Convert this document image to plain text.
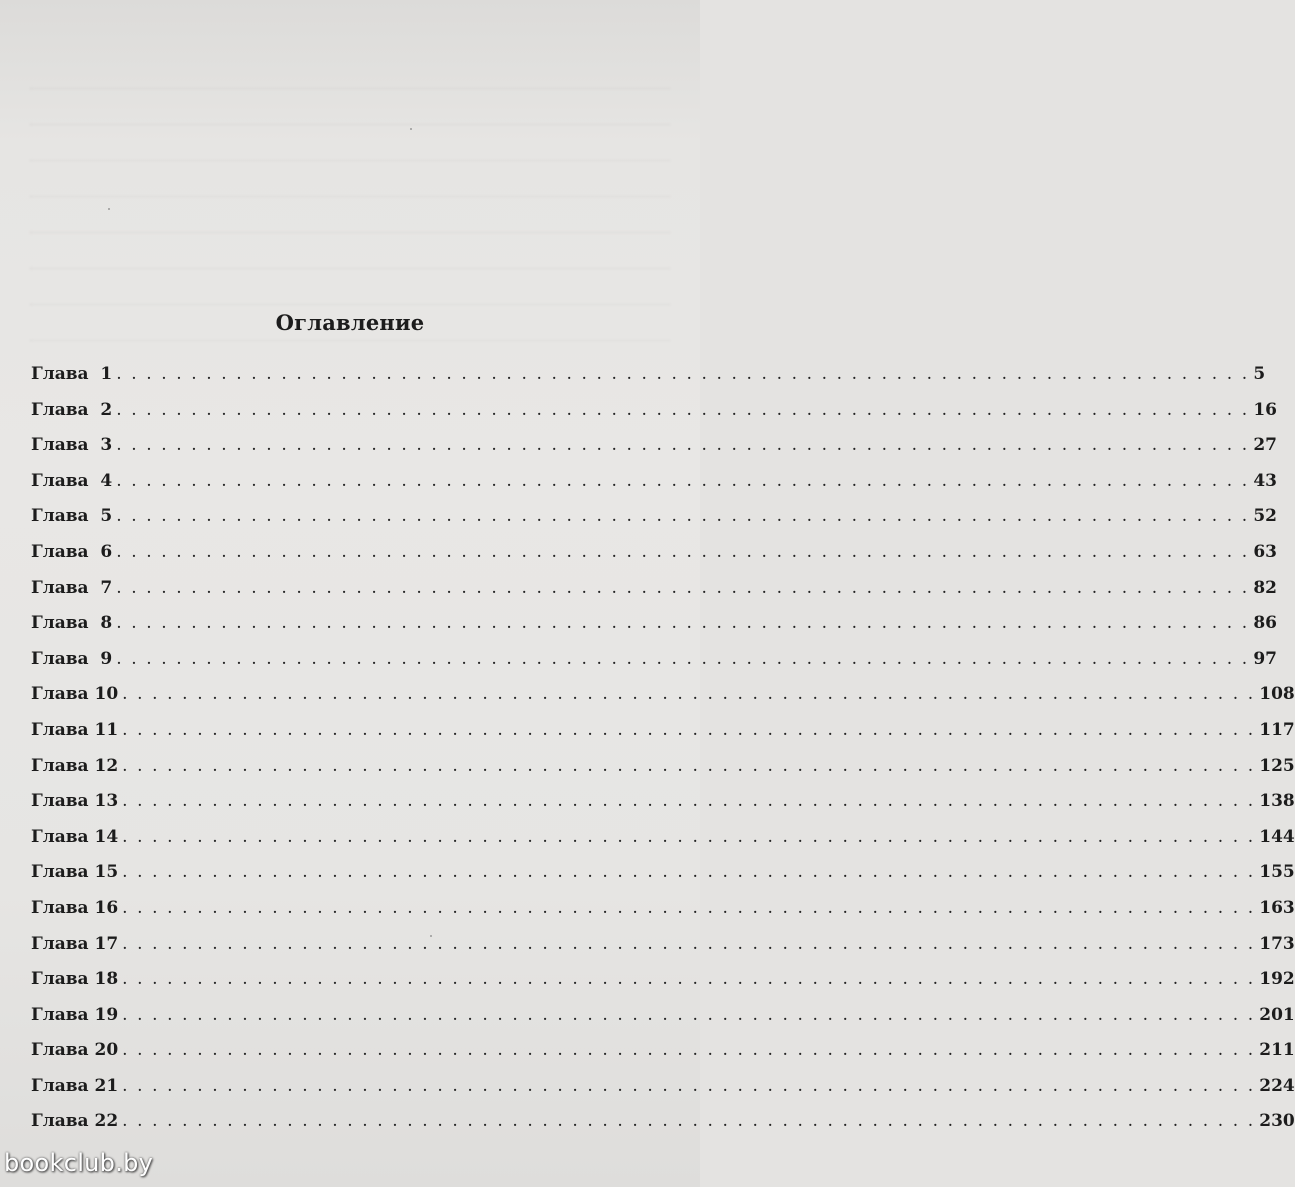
Оглавление
Глава  1 . . . . . . . . . . . . . . . . . . . . . . . . . . . . . . . . . . . . . . . . . . . . . . . . . . . . . . . . . . . . . . . . . . . . . . . . . . . . 5
Глава  2 . . . . . . . . . . . . . . . . . . . . . . . . . . . . . . . . . . . . . . . . . . . . . . . . . . . . . . . . . . . . . . . . . . . . . . . . . . . . 16
Глава  3 . . . . . . . . . . . . . . . . . . . . . . . . . . . . . . . . . . . . . . . . . . . . . . . . . . . . . . . . . . . . . . . . . . . . . . . . . . . . 27
Глава  4 . . . . . . . . . . . . . . . . . . . . . . . . . . . . . . . . . . . . . . . . . . . . . . . . . . . . . . . . . . . . . . . . . . . . . . . . . . . . 43
Глава  5 . . . . . . . . . . . . . . . . . . . . . . . . . . . . . . . . . . . . . . . . . . . . . . . . . . . . . . . . . . . . . . . . . . . . . . . . . . . . 52
Глава  6 . . . . . . . . . . . . . . . . . . . . . . . . . . . . . . . . . . . . . . . . . . . . . . . . . . . . . . . . . . . . . . . . . . . . . . . . . . . . 63
Глава  7 . . . . . . . . . . . . . . . . . . . . . . . . . . . . . . . . . . . . . . . . . . . . . . . . . . . . . . . . . . . . . . . . . . . . . . . . . . . . 82
Глава  8 . . . . . . . . . . . . . . . . . . . . . . . . . . . . . . . . . . . . . . . . . . . . . . . . . . . . . . . . . . . . . . . . . . . . . . . . . . . . 86
Глава  9 . . . . . . . . . . . . . . . . . . . . . . . . . . . . . . . . . . . . . . . . . . . . . . . . . . . . . . . . . . . . . . . . . . . . . . . . . . . . 97
Глава 10 . . . . . . . . . . . . . . . . . . . . . . . . . . . . . . . . . . . . . . . . . . . . . . . . . . . . . . . . . . . . . . . . . . . . . . . . . . . . 108
Глава 11 . . . . . . . . . . . . . . . . . . . . . . . . . . . . . . . . . . . . . . . . . . . . . . . . . . . . . . . . . . . . . . . . . . . . . . . . . . . . 117
Глава 12 . . . . . . . . . . . . . . . . . . . . . . . . . . . . . . . . . . . . . . . . . . . . . . . . . . . . . . . . . . . . . . . . . . . . . . . . . . . . 125
Глава 13 . . . . . . . . . . . . . . . . . . . . . . . . . . . . . . . . . . . . . . . . . . . . . . . . . . . . . . . . . . . . . . . . . . . . . . . . . . . . 138
Глава 14 . . . . . . . . . . . . . . . . . . . . . . . . . . . . . . . . . . . . . . . . . . . . . . . . . . . . . . . . . . . . . . . . . . . . . . . . . . . . 144
Глава 15 . . . . . . . . . . . . . . . . . . . . . . . . . . . . . . . . . . . . . . . . . . . . . . . . . . . . . . . . . . . . . . . . . . . . . . . . . . . . 155
Глава 16 . . . . . . . . . . . . . . . . . . . . . . . . . . . . . . . . . . . . . . . . . . . . . . . . . . . . . . . . . . . . . . . . . . . . . . . . . . . . 163
Глава 17 . . . . . . . . . . . . . . . . . . . . . . . . . . . . . . . . . . . . . . . . . . . . . . . . . . . . . . . . . . . . . . . . . . . . . . . . . . . . 173
Глава 18 . . . . . . . . . . . . . . . . . . . . . . . . . . . . . . . . . . . . . . . . . . . . . . . . . . . . . . . . . . . . . . . . . . . . . . . . . . . . 192
Глава 19 . . . . . . . . . . . . . . . . . . . . . . . . . . . . . . . . . . . . . . . . . . . . . . . . . . . . . . . . . . . . . . . . . . . . . . . . . . . . 201
Глава 20 . . . . . . . . . . . . . . . . . . . . . . . . . . . . . . . . . . . . . . . . . . . . . . . . . . . . . . . . . . . . . . . . . . . . . . . . . . . . 211
Глава 21 . . . . . . . . . . . . . . . . . . . . . . . . . . . . . . . . . . . . . . . . . . . . . . . . . . . . . . . . . . . . . . . . . . . . . . . . . . . . 224
Глава 22 . . . . . . . . . . . . . . . . . . . . . . . . . . . . . . . . . . . . . . . . . . . . . . . . . . . . . . . . . . . . . . . . . . . . . . . . . . . . 230
bookclub.by
